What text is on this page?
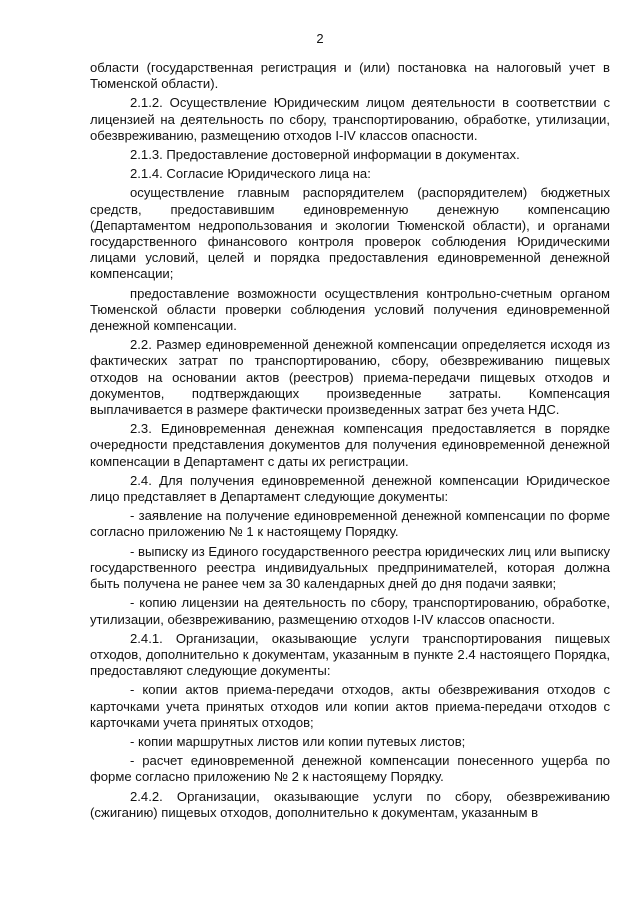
2

области (государственная регистрация и (или) постановка на налоговый учет в Тюменской области).

2.1.2. Осуществление Юридическим лицом деятельности в соответствии с лицензией на деятельность по сбору, транспортированию, обработке, утилизации, обезвреживанию, размещению отходов I-IV классов опасности.

2.1.3. Предоставление достоверной информации в документах.

2.1.4. Согласие Юридического лица на:

осуществление главным распорядителем (распорядителем) бюджетных средств, предоставившим единовременную денежную компенсацию (Департаментом недропользования и экологии Тюменской области), и органами государственного финансового контроля проверок соблюдения Юридическими лицами условий, целей и порядка предоставления единовременной денежной компенсации;

предоставление возможности осуществления контрольно-счетным органом Тюменской области проверки соблюдения условий получения единовременной денежной компенсации.

2.2. Размер единовременной денежной компенсации определяется исходя из фактических затрат по транспортированию, сбору, обезвреживанию пищевых отходов на основании актов (реестров) приема-передачи пищевых отходов и документов, подтверждающих произведенные затраты. Компенсация выплачивается в размере фактически произведенных затрат без учета НДС.

2.3. Единовременная денежная компенсация предоставляется в порядке очередности представления документов для получения единовременной денежной компенсации в Департамент с даты их регистрации.

2.4. Для получения единовременной денежной компенсации Юридическое лицо представляет в Департамент следующие документы:

- заявление на получение единовременной денежной компенсации по форме согласно приложению № 1 к настоящему Порядку.

- выписку из Единого государственного реестра юридических лиц или выписку государственного реестра индивидуальных предпринимателей, которая должна быть получена не ранее чем за 30 календарных дней до дня подачи заявки;

- копию лицензии на деятельность по сбору, транспортированию, обработке, утилизации, обезвреживанию, размещению отходов I-IV классов опасности.

2.4.1. Организации, оказывающие услуги транспортирования пищевых отходов, дополнительно к документам, указанным в пункте 2.4 настоящего Порядка, предоставляют следующие документы:

- копии актов приема-передачи отходов, акты обезвреживания отходов с карточками учета принятых отходов или копии актов приема-передачи отходов с карточками учета принятых отходов;

- копии маршрутных листов или копии путевых листов;

- расчет единовременной денежной компенсации понесенного ущерба по форме согласно приложению № 2 к настоящему Порядку.

2.4.2. Организации, оказывающие услуги по сбору, обезвреживанию (сжиганию) пищевых отходов, дополнительно к документам, указанным в
